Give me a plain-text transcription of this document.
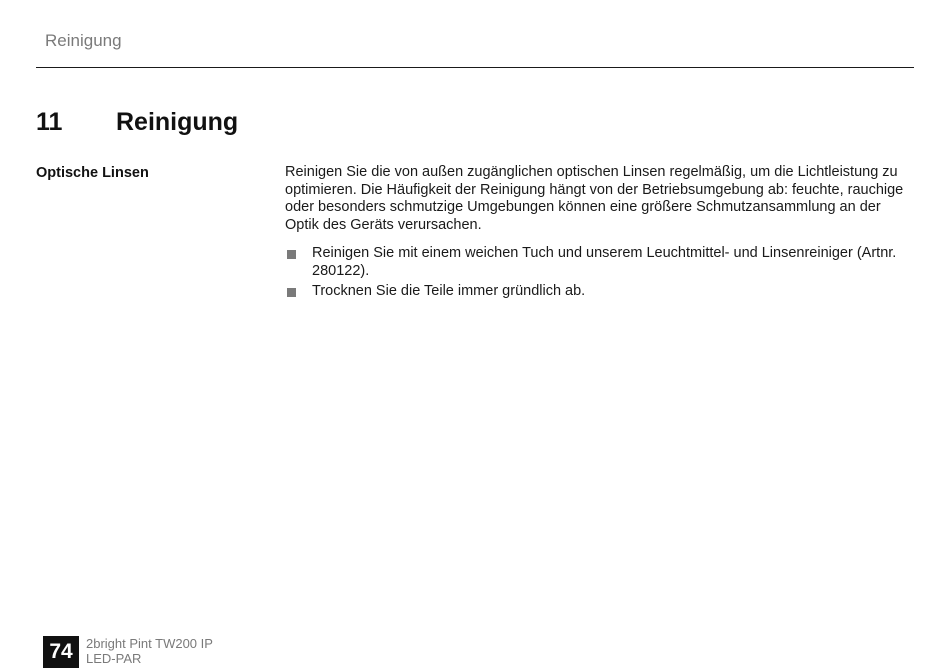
Reinigung
11 Reinigung
Optische Linsen	Reinigen Sie die von außen zugänglichen optischen Linsen regelmäßig, um die Lichtleistung zu optimieren. Die Häufigkeit der Reinigung hängt von der Betriebsumgebung ab: feuchte, rauchige oder besonders schmutzige Umgebungen können eine größere Schmutzansammlung an der Optik des Geräts verursachen.

Reinigen Sie mit einem weichen Tuch und unserem Leuchtmittel- und Linsenreiniger (Artnr. 280122).
Trocknen Sie die Teile immer gründlich ab.
74	2bright Pint TW200 IP
LED-PAR
